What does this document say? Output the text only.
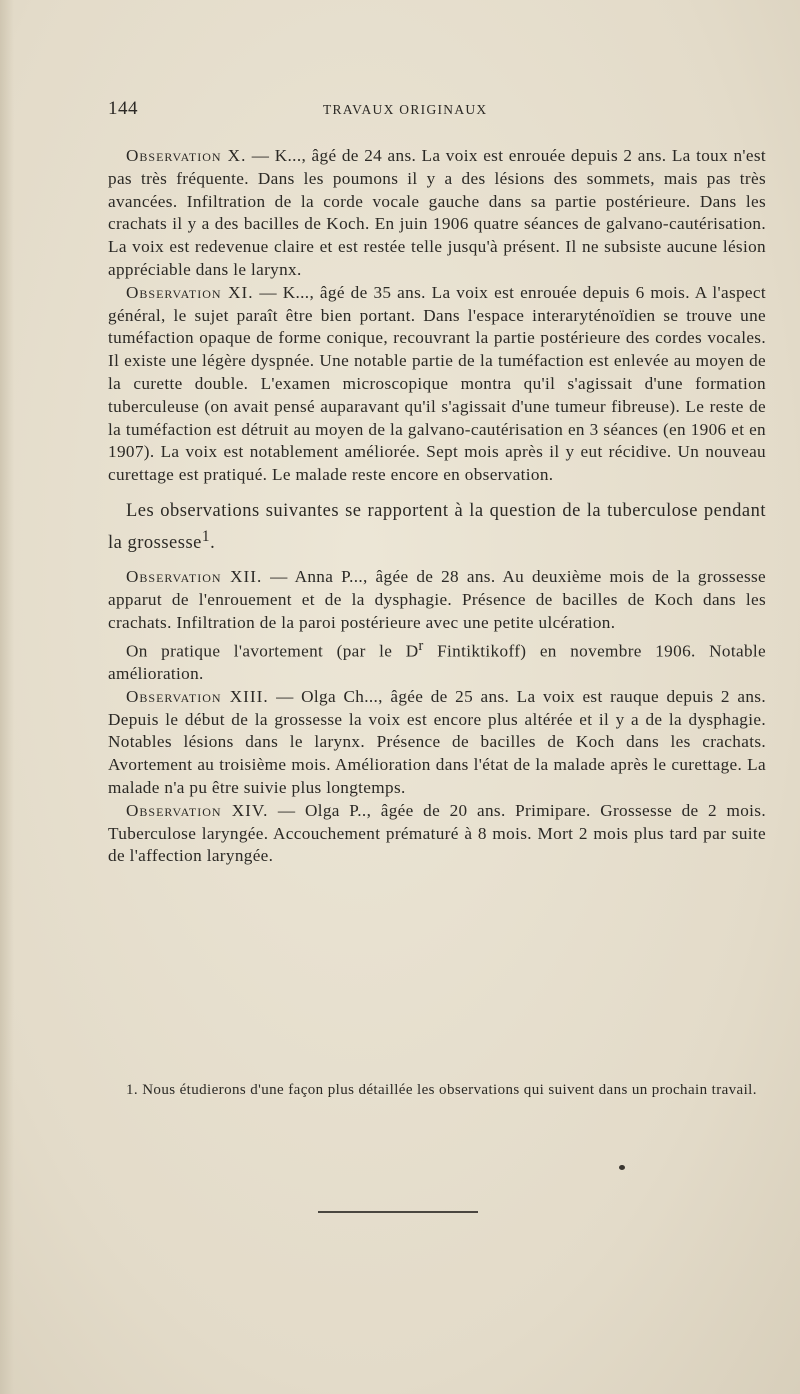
144	TRAVAUX ORIGINAUX

Observation X. — K..., âgé de 24 ans. La voix est enrouée depuis 2 ans. La toux n'est pas très fréquente. Dans les poumons il y a des lésions des sommets, mais pas très avancées. Infiltration de la corde vocale gauche dans sa partie postérieure. Dans les crachats il y a des bacilles de Koch. En juin 1906 quatre séances de galvano-cautérisation. La voix est redevenue claire et est restée telle jusqu'à présent. Il ne subsiste aucune lésion appréciable dans le larynx.

Observation XI. — K..., âgé de 35 ans. La voix est enrouée depuis 6 mois. A l'aspect général, le sujet paraît être bien portant. Dans l'espace interaryténoïdien se trouve une tuméfaction opaque de forme conique, recouvrant la partie postérieure des cordes vocales. Il existe une légère dyspnée. Une notable partie de la tuméfaction est enlevée au moyen de la curette double. L'examen microscopique montra qu'il s'agissait d'une formation tuberculeuse (on avait pensé auparavant qu'il s'agissait d'une tumeur fibreuse). Le reste de la tuméfaction est détruit au moyen de la galvano-cautérisation en 3 séances (en 1906 et en 1907). La voix est notablement améliorée. Sept mois après il y eut récidive. Un nouveau curettage est pratiqué. Le malade reste encore en observation.

Les observations suivantes se rapportent à la question de la tuberculose pendant la grossesse$^1$.

Observation XII. — Anna P..., âgée de 28 ans. Au deuxième mois de la grossesse apparut de l'enrouement et de la dysphagie. Présence de bacilles de Koch dans les crachats. Infiltration de la paroi postérieure avec une petite ulcération.

On pratique l'avortement (par le $D^r$ Fintiktikoff) en novembre 1906. Notable amélioration.

Observation XIII. — Olga Ch..., âgée de 25 ans. La voix est rauque depuis 2 ans. Depuis le début de la grossesse la voix est encore plus altérée et il y a de la dysphagie. Notables lésions dans le larynx. Présence de bacilles de Koch dans les crachats. Avortement au troisième mois. Amélioration dans l'état de la malade après le curettage. La malade n'a pu être suivie plus longtemps.

Observation XIV. — Olga P.., âgée de 20 ans. Primipare. Grossesse de 2 mois. Tuberculose laryngée. Accouchement prématuré à 8 mois. Mort 2 mois plus tard par suite de l'affection laryngée.

1. Nous étudierons d'une façon plus détaillée les observations qui suivent dans un prochain travail.
